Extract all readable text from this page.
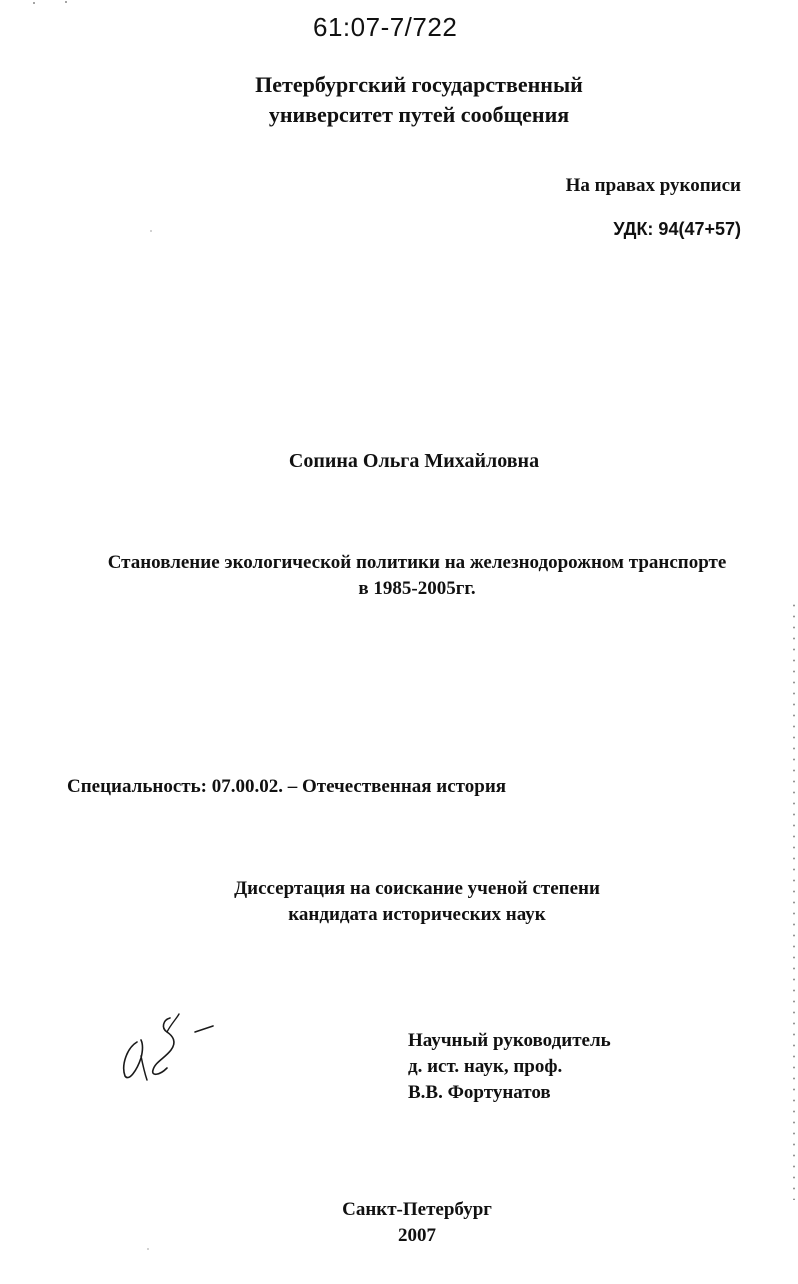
61:07-7/722
Петербургский государственный
университет путей сообщения
На правах рукописи
УДК: 94(47+57)
Сопина Ольга Михайловна
Становление экологической политики на железнодорожном транспорте
в 1985-2005гг.
Специальность: 07.00.02. – Отечественная история
Диссертация на соискание ученой степени
кандидата исторических наук
Научный руководитель
д. ист. наук, проф.
В.В. Фортунатов
Санкт-Петербург
2007
